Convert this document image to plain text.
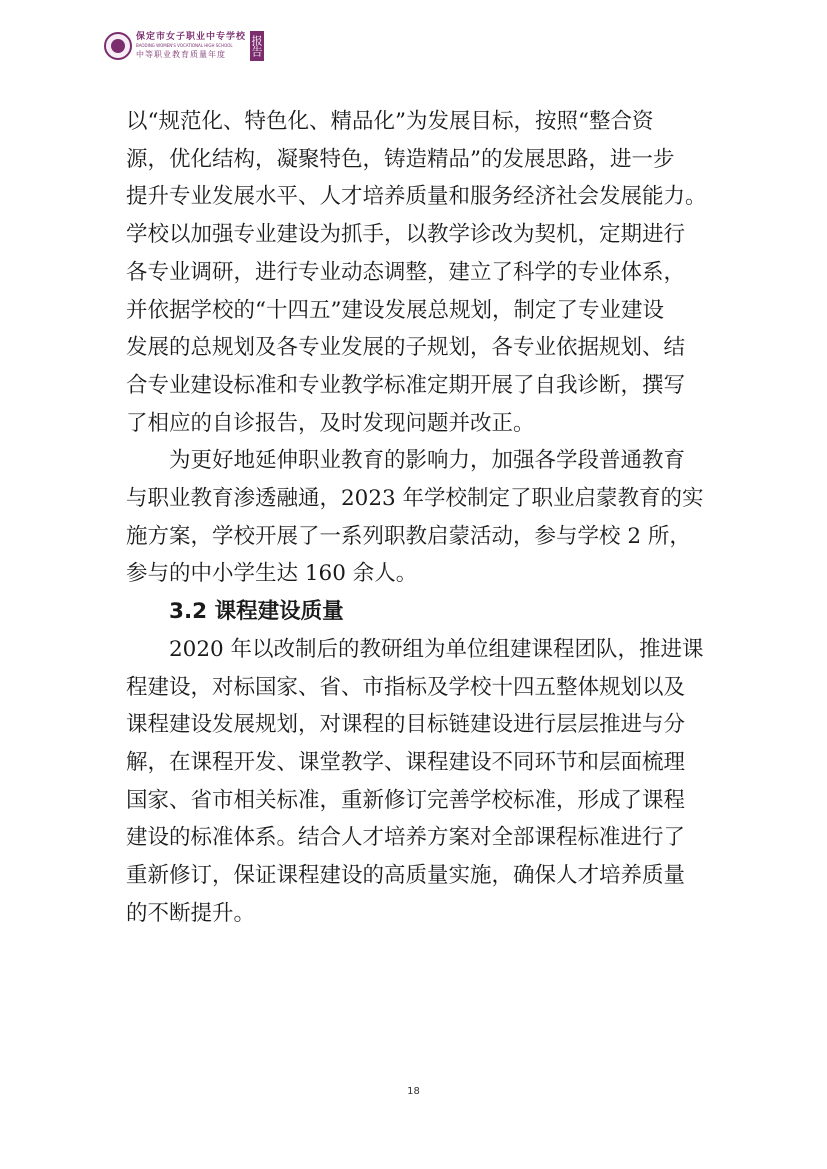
保定市女子职业中专学校
BAODING WOMEN'S VOCATIONAL HIGH SCHOOL
中等职业教育质量年度	报告

以“规范化、特色化、精品化”为发展目标，按照“整合资

源，优化结构，凝聚特色，铸造精品”的发展思路，进一步

提升专业发展水平、人才培养质量和服务经济社会发展能力。

学校以加强专业建设为抓手，以教学诊改为契机，定期进行

各专业调研，进行专业动态调整，建立了科学的专业体系，

并依据学校的“十四五”建设发展总规划，制定了专业建设

发展的总规划及各专业发展的子规划，各专业依据规划、结

合专业建设标准和专业教学标准定期开展了自我诊断，撰写

了相应的自诊报告，及时发现问题并改正。

为更好地延伸职业教育的影响力，加强各学段普通教育

与职业教育渗透融通，2023 年学校制定了职业启蒙教育的实

施方案，学校开展了一系列职教启蒙活动，参与学校 2 所，

参与的中小学生达 160 余人。

3.2 课程建设质量

2020 年以改制后的教研组为单位组建课程团队，推进课

程建设，对标国家、省、市指标及学校十四五整体规划以及

课程建设发展规划，对课程的目标链建设进行层层推进与分

解，在课程开发、课堂教学、课程建设不同环节和层面梳理

国家、省市相关标准，重新修订完善学校标准，形成了课程

建设的标准体系。结合人才培养方案对全部课程标准进行了

重新修订，保证课程建设的高质量实施，确保人才培养质量

的不断提升。

18
